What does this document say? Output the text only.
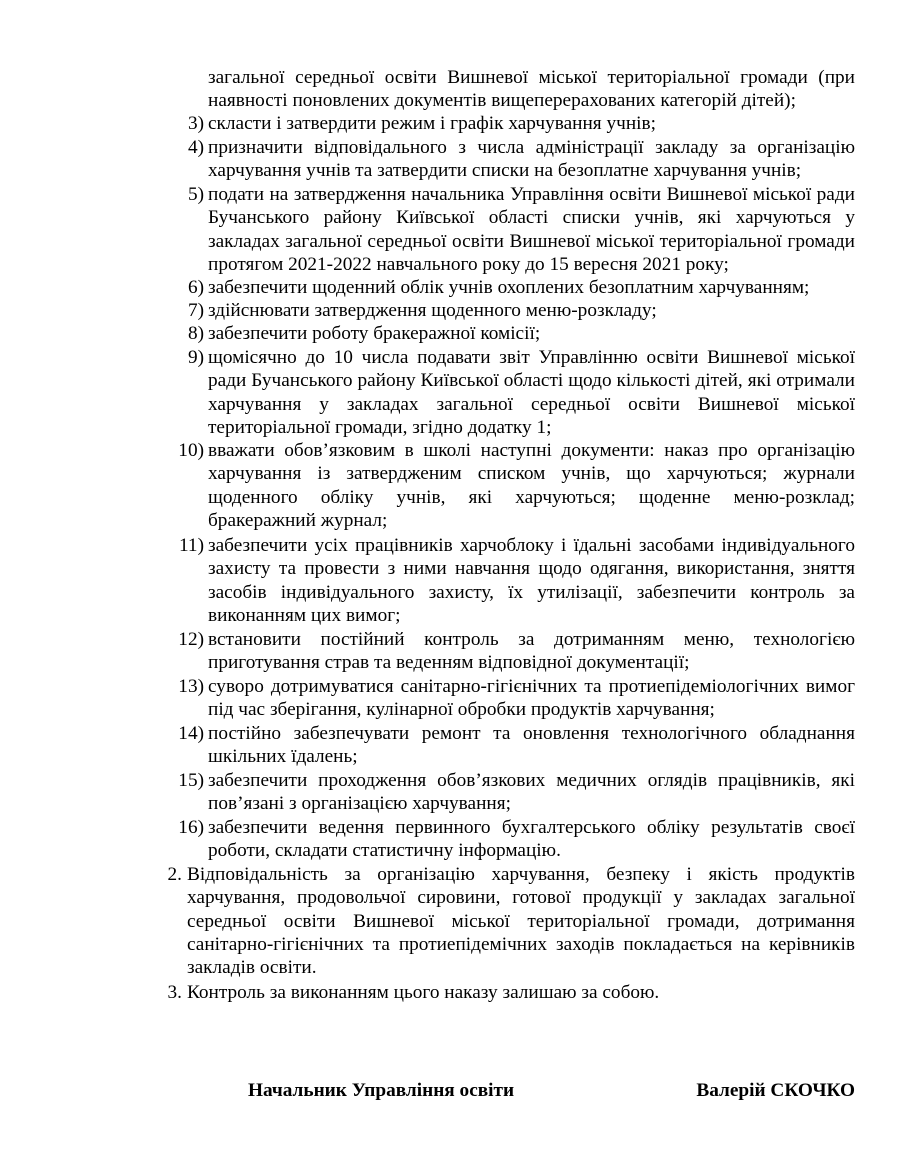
загальної середньої освіти Вишневої міської територіальної громади (при наявності поновлених документів вищеперерахованих категорій дітей);
3) скласти і затвердити режим і графік харчування учнів;
4) призначити відповідального з числа адміністрації закладу за організацію харчування учнів та затвердити списки на безоплатне харчування учнів;
5) подати на затвердження начальника Управління освіти Вишневої міської ради Бучанського району Київської області списки учнів, які харчуються у закладах загальної середньої освіти Вишневої міської територіальної громади протягом 2021-2022 навчального року до 15 вересня 2021 року;
6) забезпечити щоденний облік учнів охоплених безоплатним харчуванням;
7) здійснювати затвердження щоденного меню-розкладу;
8) забезпечити роботу бракеражної комісії;
9) щомісячно до 10 числа подавати звіт Управлінню освіти Вишневої міської ради Бучанського району Київської області щодо кількості дітей, які отримали харчування у закладах загальної середньої освіти Вишневої міської територіальної громади, згідно додатку 1;
10) вважати обов’язковим в школі наступні документи: наказ про організацію харчування із затвердженим списком учнів, що харчуються; журнали щоденного обліку учнів, які харчуються; щоденне меню-розклад; бракеражний журнал;
11) забезпечити усіх працівників харчоблоку і їдальні засобами індивідуального захисту та провести з ними навчання щодо одягання, використання, зняття засобів індивідуального захисту, їх утилізації, забезпечити контроль за виконанням цих вимог;
12) встановити постійний контроль за дотриманням меню, технологією приготування страв та веденням відповідної документації;
13) суворо дотримуватися санітарно-гігієнічних та протиепідеміологічних вимог під час зберігання, кулінарної обробки продуктів харчування;
14) постійно забезпечувати ремонт та оновлення технологічного обладнання шкільних їдалень;
15) забезпечити проходження обов’язкових медичних оглядів працівників, які пов’язані з організацією харчування;
16) забезпечити ведення первинного бухгалтерського обліку результатів своєї роботи, складати статистичну інформацію.
2. Відповідальність за організацію харчування, безпеку і якість продуктів харчування, продовольчої сировини, готової продукції у закладах загальної середньої освіти Вишневої міської територіальної громади, дотримання санітарно-гігієнічних та протиепідемічних заходів покладається на керівників закладів освіти.
3. Контроль за виконанням цього наказу залишаю за собою.
Начальник Управління освіти	Валерій СКОЧКО
